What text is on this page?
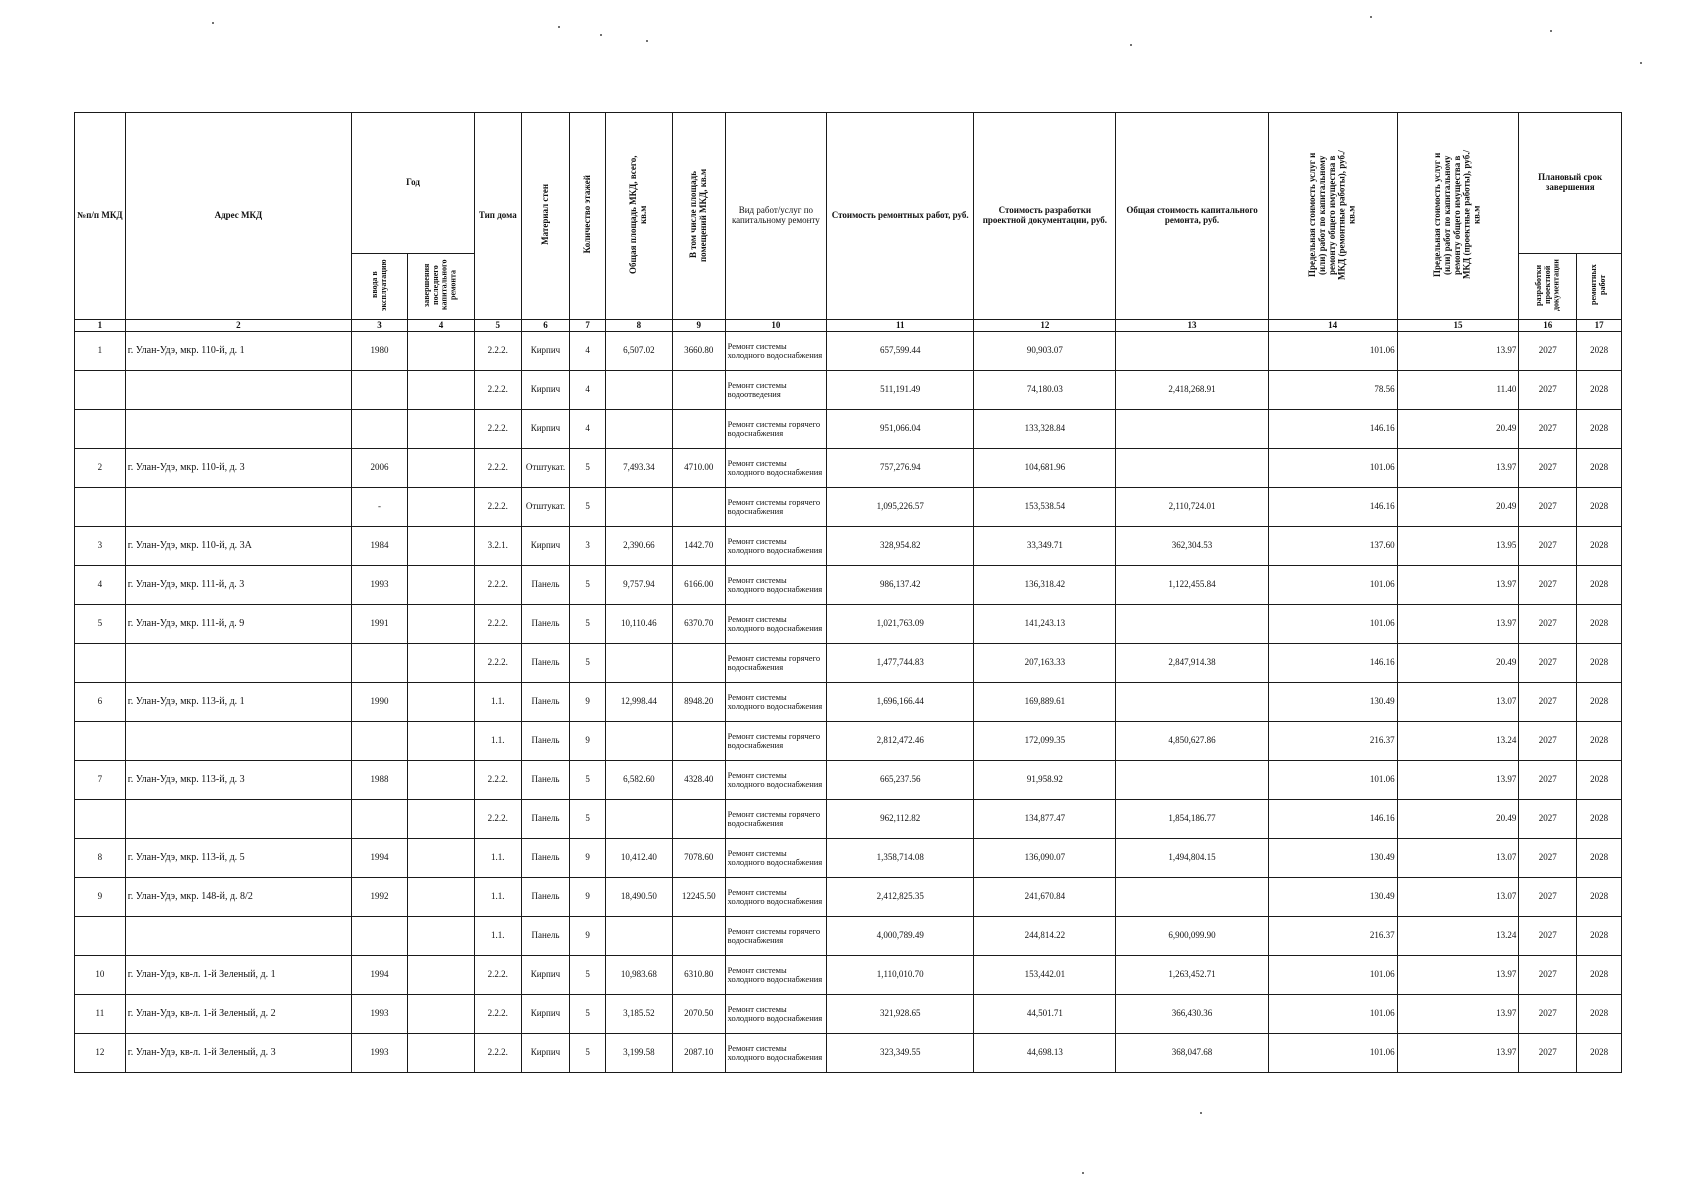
№п/п МКД	Адрес МКД	Год		Тип дома	Материал стен	Количество этажей	Общая площадь МКД, всего, кв.м	В том числе площадь помещений МКД, кв.м	Вид работ/услуг по капитальному ремонту	Стоимость ремонтных работ, руб.	Стоимость разработки проектной документации, руб.	Общая стоимость капитального ремонта, руб.	Предельная стоимость услуг и (или) работ по капитальному ремонту общего имущества в МКД (ремонтные работы), руб./кв.м	Предельная стоимость услуг и (или) работ по капитальному ремонту общего имущества в МКД (проектные работы), руб./кв.м	Плановый срок завершения	
		ввода в эксплуатацию	завершения последнего капитального ремонта												разработки проектной документации	ремонтных работ
1	2	3	4	5	6	7	8	9	10	11	12	13	14	15	16	17
1	г. Улан-Удэ, мкр. 110-й, д. 1	1980		2.2.2.	Кирпич	4	6,507.02	3660.80	Ремонт системы холодного водоснабжения	657,599.44	90,903.07		101.06	13.97	2027	2028
				2.2.2.	Кирпич	4			Ремонт системы водоотведения	511,191.49	74,180.03	2,418,268.91	78.56	11.40	2027	2028
				2.2.2.	Кирпич	4			Ремонт системы горячего водоснабжения	951,066.04	133,328.84		146.16	20.49	2027	2028
2	г. Улан-Удэ, мкр. 110-й, д. 3	2006		2.2.2.	Отштукат.	5	7,493.34	4710.00	Ремонт системы холодного водоснабжения	757,276.94	104,681.96		101.06	13.97	2027	2028
		-		2.2.2.	Отштукат.	5			Ремонт системы горячего водоснабжения	1,095,226.57	153,538.54	2,110,724.01	146.16	20.49	2027	2028
3	г. Улан-Удэ, мкр. 110-й, д. 3А	1984		3.2.1.	Кирпич	3	2,390.66	1442.70	Ремонт системы холодного водоснабжения	328,954.82	33,349.71	362,304.53	137.60	13.95	2027	2028
4	г. Улан-Удэ, мкр. 111-й, д. 3	1993		2.2.2.	Панель	5	9,757.94	6166.00	Ремонт системы холодного водоснабжения	986,137.42	136,318.42	1,122,455.84	101.06	13.97	2027	2028
5	г. Улан-Удэ, мкр. 111-й, д. 9	1991		2.2.2.	Панель	5	10,110.46	6370.70	Ремонт системы холодного водоснабжения	1,021,763.09	141,243.13		101.06	13.97	2027	2028
				2.2.2.	Панель	5			Ремонт системы горячего водоснабжения	1,477,744.83	207,163.33	2,847,914.38	146.16	20.49	2027	2028
6	г. Улан-Удэ, мкр. 113-й, д. 1	1990		1.1.	Панель	9	12,998.44	8948.20	Ремонт системы холодного водоснабжения	1,696,166.44	169,889.61		130.49	13.07	2027	2028
				1.1.	Панель	9			Ремонт системы горячего водоснабжения	2,812,472.46	172,099.35	4,850,627.86	216.37	13.24	2027	2028
7	г. Улан-Удэ, мкр. 113-й, д. 3	1988		2.2.2.	Панель	5	6,582.60	4328.40	Ремонт системы холодного водоснабжения	665,237.56	91,958.92		101.06	13.97	2027	2028
				2.2.2.	Панель	5			Ремонт системы горячего водоснабжения	962,112.82	134,877.47	1,854,186.77	146.16	20.49	2027	2028
8	г. Улан-Удэ, мкр. 113-й, д. 5	1994		1.1.	Панель	9	10,412.40	7078.60	Ремонт системы холодного водоснабжения	1,358,714.08	136,090.07	1,494,804.15	130.49	13.07	2027	2028
9	г. Улан-Удэ, мкр. 148-й, д. 8/2	1992		1.1.	Панель	9	18,490.50	12245.50	Ремонт системы холодного водоснабжения	2,412,825.35	241,670.84		130.49	13.07	2027	2028
				1.1.	Панель	9			Ремонт системы горячего водоснабжения	4,000,789.49	244,814.22	6,900,099.90	216.37	13.24	2027	2028
10	г. Улан-Удэ, кв-л. 1-й Зеленый, д. 1	1994		2.2.2.	Кирпич	5	10,983.68	6310.80	Ремонт системы холодного водоснабжения	1,110,010.70	153,442.01	1,263,452.71	101.06	13.97	2027	2028
11	г. Улан-Удэ, кв-л. 1-й Зеленый, д. 2	1993		2.2.2.	Кирпич	5	3,185.52	2070.50	Ремонт системы холодного водоснабжения	321,928.65	44,501.71	366,430.36	101.06	13.97	2027	2028
12	г. Улан-Удэ, кв-л. 1-й Зеленый, д. 3	1993		2.2.2.	Кирпич	5	3,199.58	2087.10	Ремонт системы холодного водоснабжения	323,349.55	44,698.13	368,047.68	101.06	13.97	2027	2028
